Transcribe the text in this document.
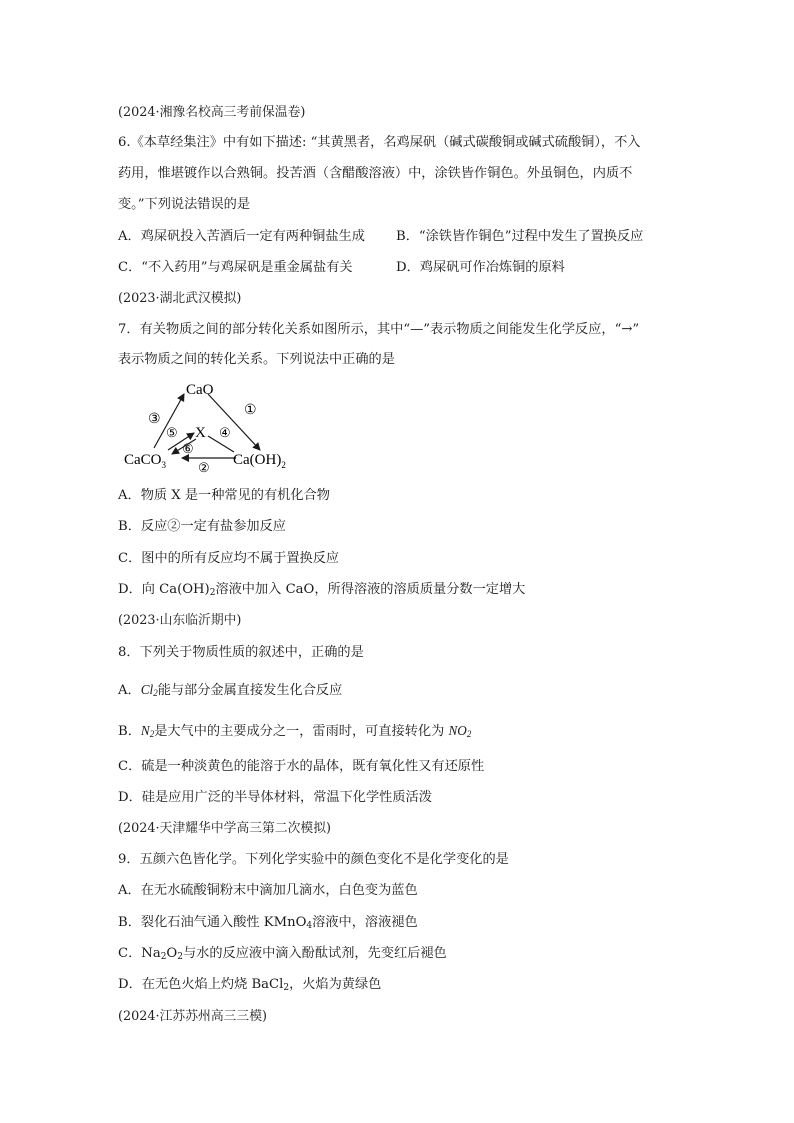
(2024·湘豫名校高三考前保温卷)
6.《本草经集注》中有如下描述: “其黄黑者，名鸡屎矾（碱式碳酸铜或碱式硫酸铜），不入
药用，惟堪镀作以合熟铜。投苦酒（含醋酸溶液）中，涂铁皆作铜色。外虽铜色，内质不
变。”下列说法错误的是
A．鸡屎矾投入苦酒后一定有两种铜盐生成 B．“涂铁皆作铜色”过程中发生了置换反应
C．“不入药用”与鸡屎矾是重金属盐有关	D．鸡屎矾可作冶炼铜的原料
(2023·湖北武汉模拟)
7．有关物质之间的部分转化关系如图所示，其中“—”表示物质之间能发生化学反应，“→”
表示物质之间的转化关系。下列说法中正确的是
CaO
X
CaCO$_3$	$Ca(OH)_2$
③
①
⑤	④
⑥
②
A．物质 X 是一种常见的有机化合物
B．反应②一定有盐参加反应
C．图中的所有反应均不属于置换反应
D．向 $Ca(OH)_2$溶液中加入 CaO，所得溶液的溶质质量分数一定增大
(2023·山东临沂期中)
8．下列关于物质性质的叙述中，正确的是
A．$Cl_2$能与部分金属直接发生化合反应
B．$N_2$是大气中的主要成分之一，雷雨时，可直接转化为 $NO_2$
C．硫是一种淡黄色的能溶于水的晶体，既有氧化性又有还原性
D．硅是应用广泛的半导体材料，常温下化学性质活泼
(2024·天津耀华中学高三第二次模拟)
9．五颜六色皆化学。下列化学实验中的颜色变化不是化学变化的是
A．在无水硫酸铜粉末中滴加几滴水，白色变为蓝色
B．裂化石油气通入酸性 KMnO$_4$溶液中，溶液褪色
C．$Na_2O_2$与水的反应液中滴入酚酞试剂，先变红后褪色
D．在无色火焰上灼烧 BaCl$_2$，火焰为黄绿色
(2024·江苏苏州高三三模)
